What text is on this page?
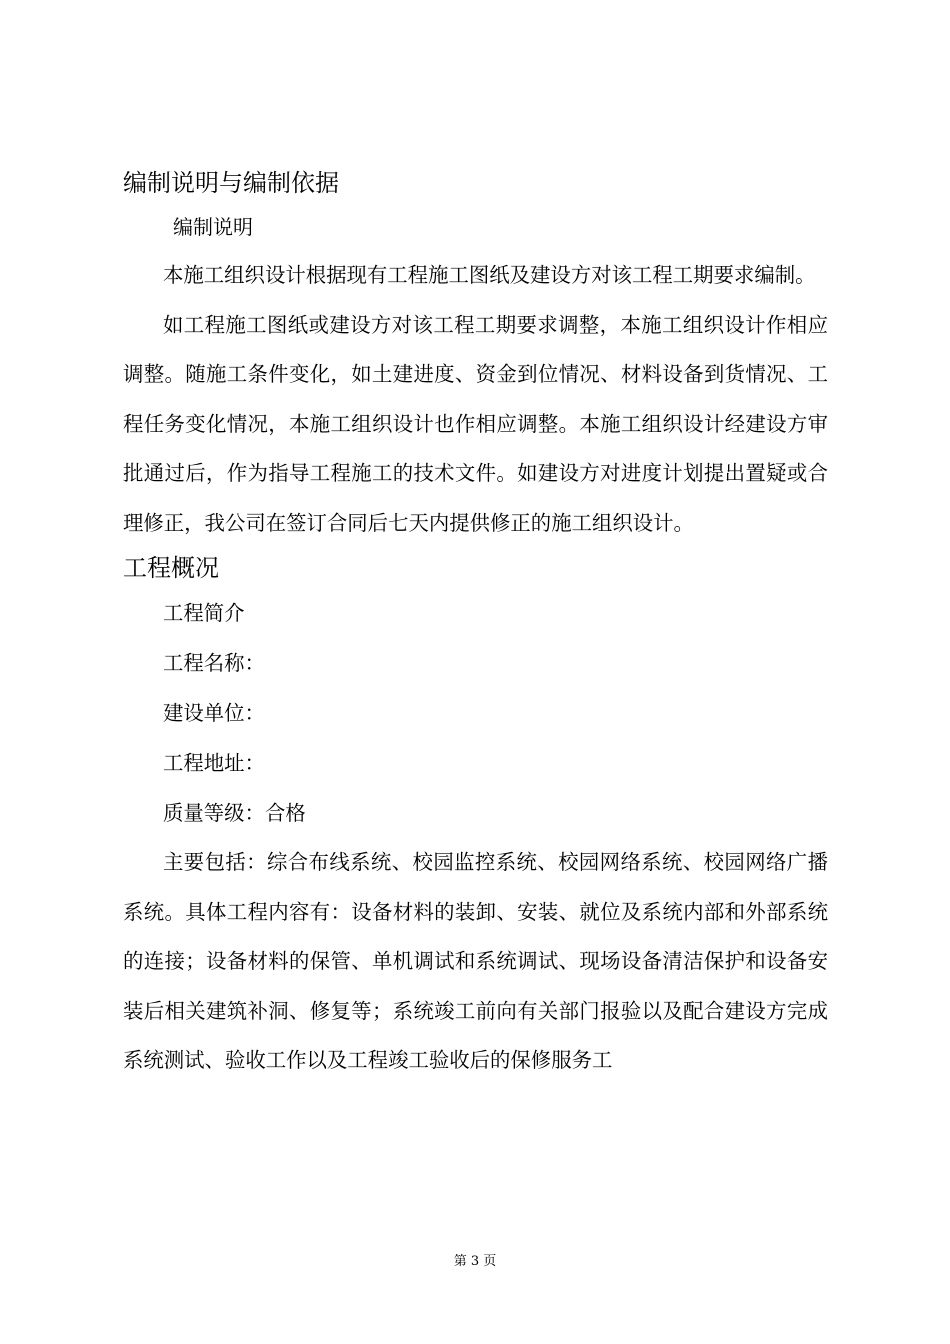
编制说明与编制依据
编制说明

本施工组织设计根据现有工程施工图纸及建设方对该工程工期要求编制。

如工程施工图纸或建设方对该工程工期要求调整，本施工组织设计作相应调整。随施工条件变化，如土建进度、资金到位情况、材料设备到货情况、工程任务变化情况，本施工组织设计也作相应调整。本施工组织设计经建设方审批通过后，作为指导工程施工的技术文件。如建设方对进度计划提出置疑或合理修正，我公司在签订合同后七天内提供修正的施工组织设计。

工程概况
工程简介
工程名称：
建设单位：
工程地址：
质量等级：合格

主要包括：综合布线系统、校园监控系统、校园网络系统、校园网络广播系统。具体工程内容有：设备材料的装卸、安装、就位及系统内部和外部系统的连接；设备材料的保管、单机调试和系统调试、现场设备清洁保护和设备安装后相关建筑补洞、修复等；系统竣工前向有关部门报验以及配合建设方完成系统测试、验收工作以及工程竣工验收后的保修服务工

第 3 页
